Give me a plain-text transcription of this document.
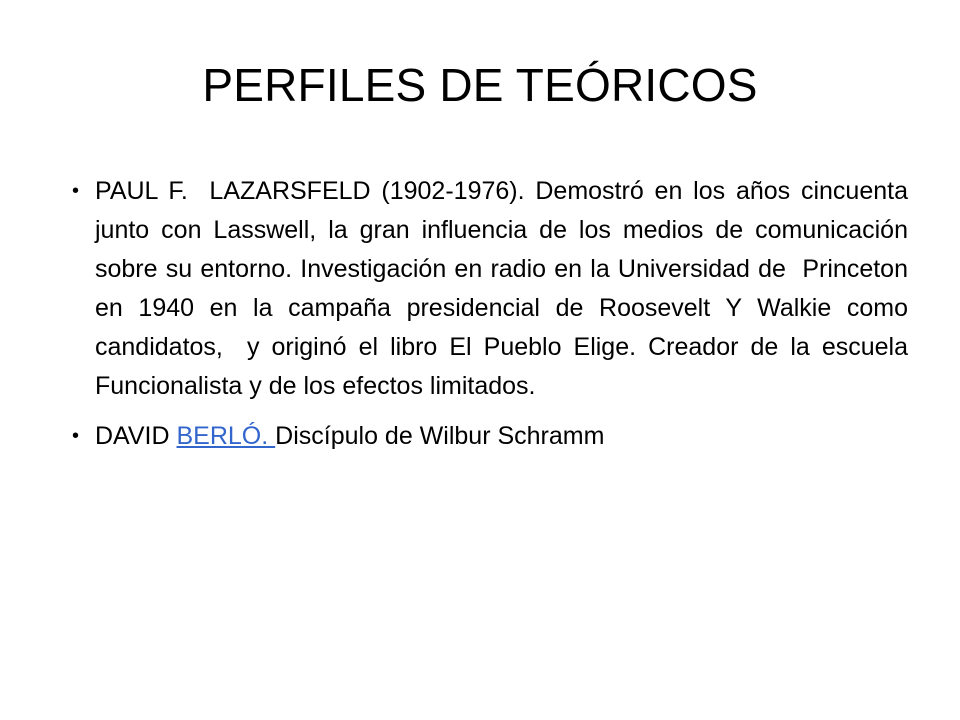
PERFILES DE TEÓRICOS
• PAUL F.  LAZARSFELD (1902-1976). Demostró en los años cincuenta  junto con Lasswell, la gran influencia de los medios de comunicación sobre su entorno. Investigación en radio en la Universidad de  Princeton en 1940 en la campaña presidencial de Roosevelt Y Walkie como candidatos,  y originó el libro El Pueblo Elige. Creador de la escuela Funcionalista y de los efectos limitados.
• DAVID BERLÓ. Discípulo de Wilbur Schramm
